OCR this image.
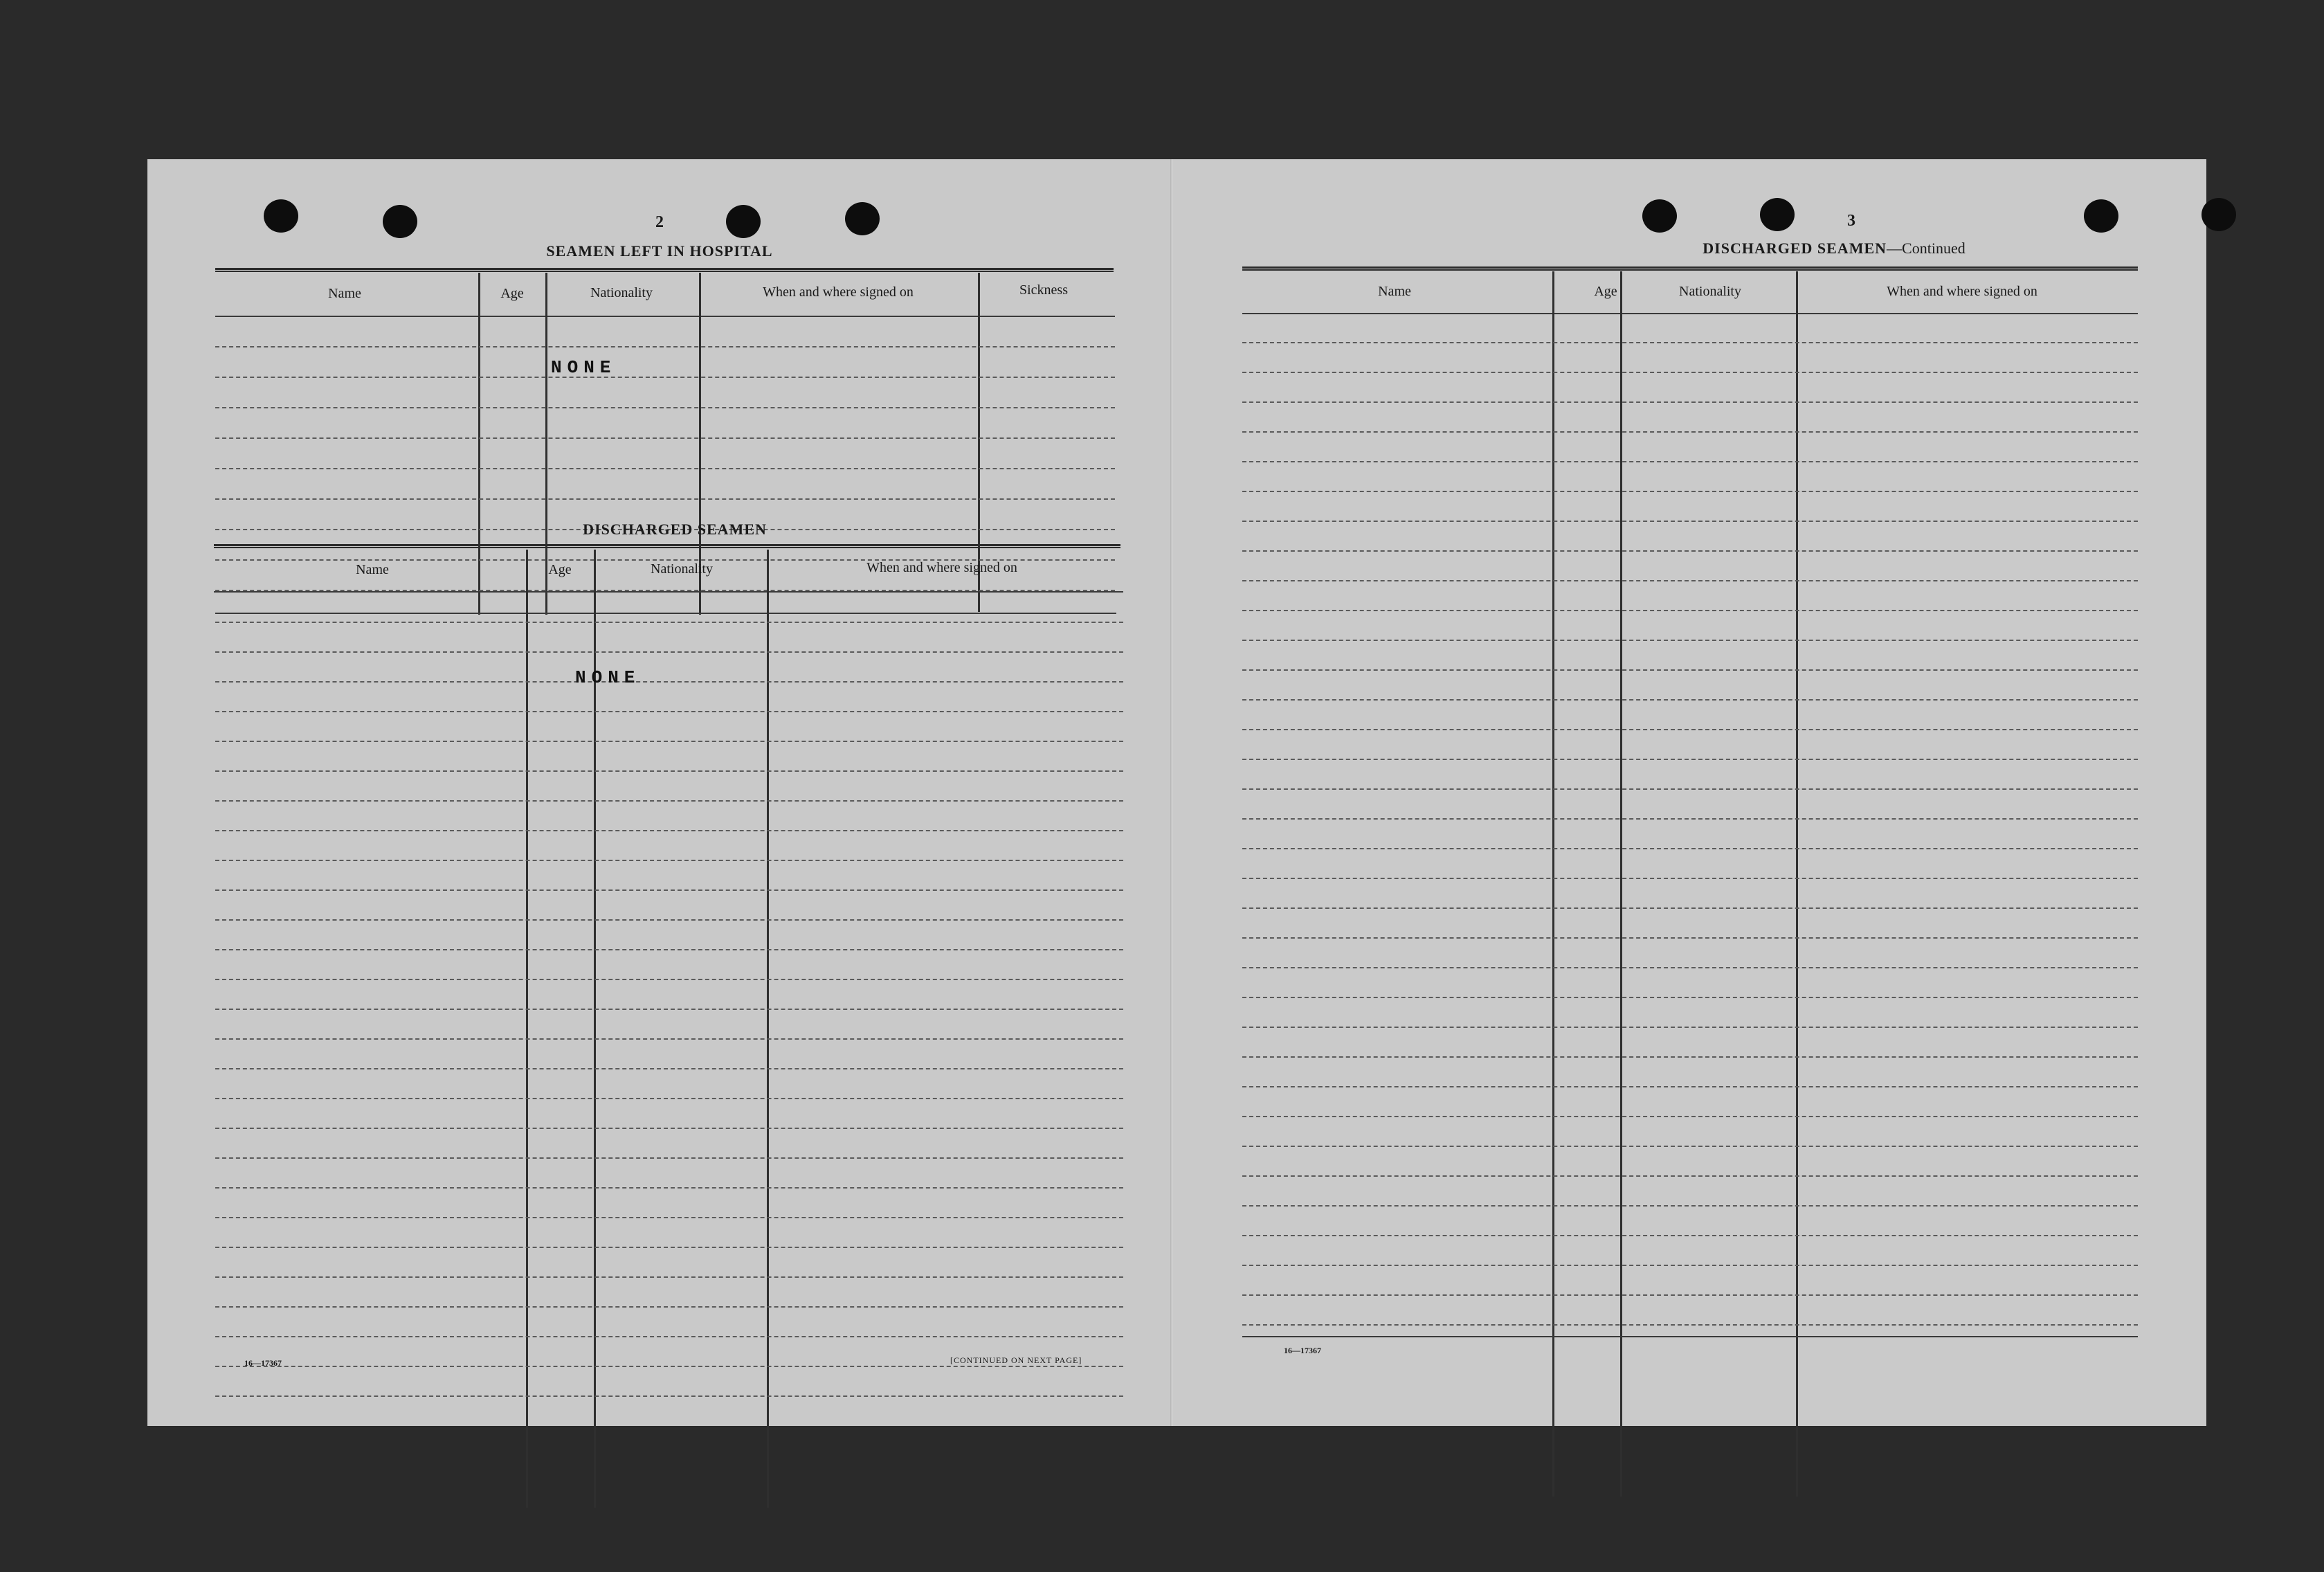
2
SEAMEN LEFT IN HOSPITAL
Name	Age	Nationality	When and where signed on	Sickness
NONE
DISCHARGED SEAMEN
Name	Age	Nationality	When and where signed on
NONE
16—17367	[CONTINUED ON NEXT PAGE]
3
DISCHARGED SEAMEN—Continued
Name	Age	Nationality	When and where signed on
16—17367
